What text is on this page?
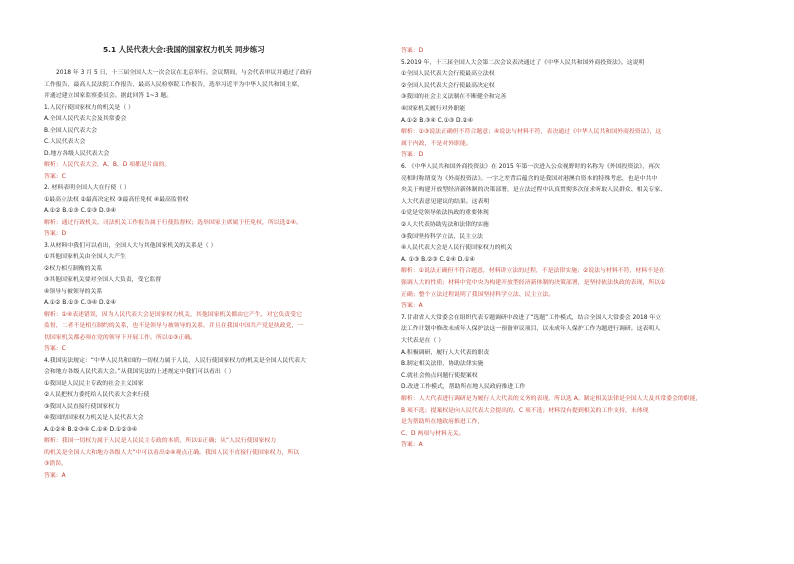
5.1 人民代表大会:我国的国家权力机关 同步练习
2018 年 3 月 5 日，十三届全国人大一次会议在北京举行。会议期间，与会代表审议并通过了政府
工作报告、最高人民法院工作报告、最高人民检察院工作报告，选举习近平为中华人民共和国主席，
并通过建立国家监察委员会。据此回答 1~3 题。
1.人民行使国家权力的机关是（ ）
A.全国人民代表大会及其常委会
B.全国人民代表大会
C.人民代表大会
D.地方各级人民代表大会
解析：人民代表大会，A、B、D 项都是片面的。
答案：C
2. 材料表明全国人大在行使（ ）
①最高立法权 ②最高决定权 ③最高任免权 ④最高监督权
A.①② B.①③ C.②③ D.③④
解析：通过行政机关、司法机关工作报告属于行使监督权；选举国家主席属于任免权，所以选②④。
答案：D
3.从材料中我们可以看出，全国人大与其他国家机关的关系是（ ）
①其他国家机关由全国人大产生
②权力相互制衡的关系
③其他国家机关要对全国人大负责，受它监督
④领导与被领导的关系
A.①② B.①③ C.③④ D.②④
解析：②④表述错误，因为人民代表大会是国家权力机关，其他国家机关都由它产生，对它负责受它
监督，二者不是相互制约的关系，也不是领导与被领导的关系，并且在我国中国共产党是执政党，一
切国家机关都必须在党的领导下开展工作。所以①③正确。
答案：C
4.我国宪法规定：“中华人民共和国的一切权力属于人民，人民行使国家权力的机关是全国人民代表大
会和地方各级人民代表大会。”从我国宪法的上述规定中我们可以看出（ ）
①我国是人民民主专政的社会主义国家
②人民把权力委托给人民代表大会来行使
③我国人民直接行使国家权力
④我国的国家权力机关是人民代表大会
A.①②④ B.②③④ C.①④ D.①②③④
解析：我国一切权力属于人民是人民民主专政的本质，所以①正确；从“人民行使国家权力
的机关是全国人大和地方各级人大”中可以看出②④观点正确。我国人民不直接行使国家权力，所以
③错误。
答案：A
答案：D
5.2019 年，十三届全国人大会第二次会议表决通过了《中华人民共和国外商投资法》。这说明
①全国人民代表大会行使最高立法权
②全国人民代表大会行使最高决定权
③我国的社会主义法制在不断健全和完善
④国家机关履行对外职能
A.①② B.③④ C.①③ D.②④
解析：①③说法正确但不符合题意；④说法与材料不符，表决通过《中华人民共和国外商投资法》，这
属于内政，不是对外职能。
答案：D
6. 《中华人民共和国外商投资法》在 2015 年第一次进入公众视野时的名称为《外国投资法》，再次
亮相时称谓变为《外商投资法》。一字之差背后蕴含的是我国对港澳台资本的特殊考虑，也是中共中
央关于构建开放型经济新体制的决策部署，是立法过程中认真贯彻多次征求听取人民群众、相关专家、
人大代表意见建议的结果。这表明
①党是党领导依法执政的重要体现
②人大代表协助宪法和法律的实施
③我国坚持科学立法、民主立法
④人民代表大会是人民行使国家权力的机关
A. ①③ B.②③ C.②④ D.①④
解析：①说法正确但不符合题意，材料讲立法的过程，不是法律实施；②说法与材料不符，材料不是在
强调人大的性质；材料中党中央为构建开放型经济新体制的决策部署，是坚持依法执政的表现，所以①
正确；整个立法过程说明了我国坚持科学立法、民主立法。
答案：A
7.甘肃省人大常委会在组织代表专题调研中改进了“选题”工作模式，结合全国人大常委会 2018 年立
法工作计划中修改未成年人保护法这一预备审议项目，以未成年人保护工作为题进行调研。这表明人
大代表是在（ ）
A.积极调研，履行人大代表的职责
B.制定相关法律，协助法律实施
C.就社会热点问题行使提案权
D.改进工作模式，帮助所在地人民政府推进工作
解析：人大代表进行调研是为履行人大代表的义务的表现，所以选 A。制定相关法律是全国人大及其常委会的职能，
B 项不选；提案权是向人民代表大会提出的，C 项不选；材料没有提到相关的工作支持，未体现
是为帮助所在地政府推进工作，
C、D 两项与材料无关。
答案：A
